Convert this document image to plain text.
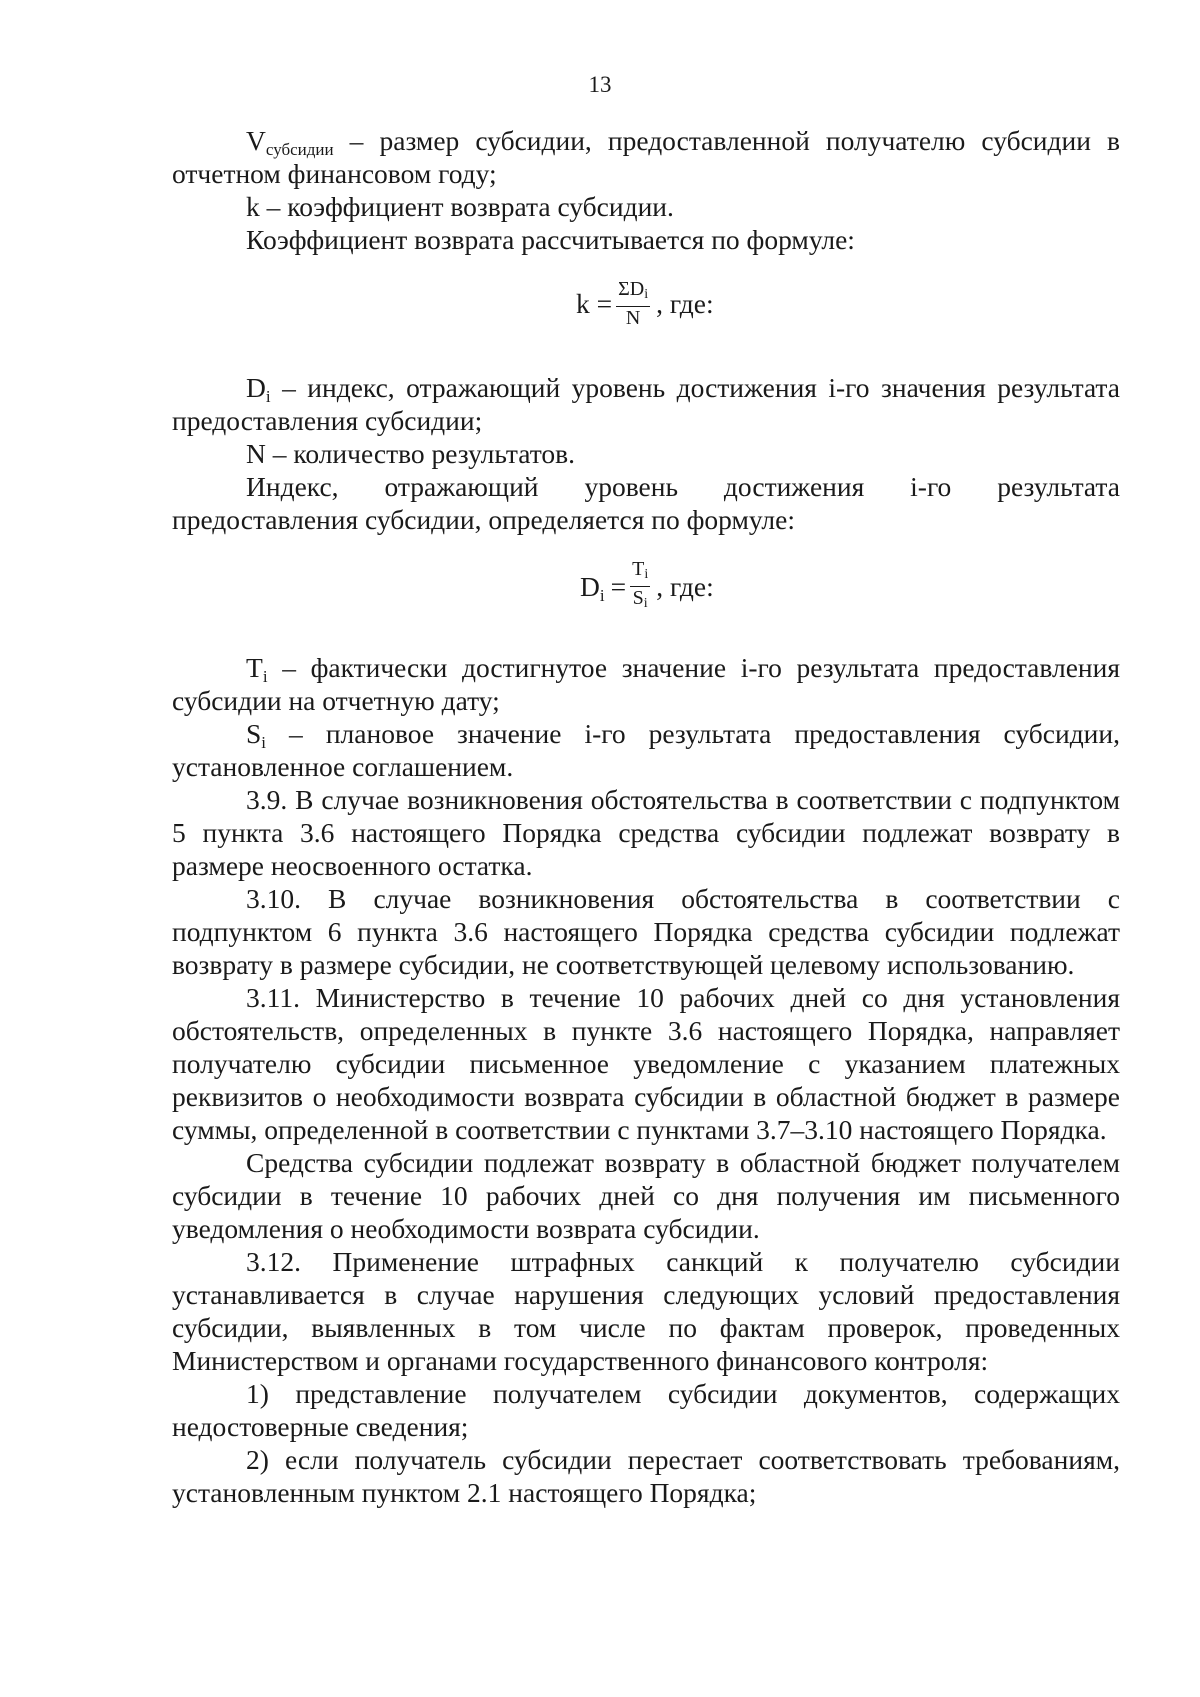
13

$V_{субсидии}$ – размер субсидии, предоставленной получателю субсидии в отчетном финансовом году;

k – коэффициент возврата субсидии.

Коэффициент возврата рассчитывается по формуле:

$k = \frac{\text{ΣDi}}{N}$ , где:

$D_i$ – индекс, отражающий уровень достижения i-го значения результата предоставления субсидии;

N – количество результатов.

Индекс, отражающий уровень достижения i-го результата

предоставления субсидии, определяется по формуле:

$D_i = \frac{Ti}{Si}$ , где:

$T_i$ – фактически достигнутое значение i-го результата предоставления субсидии на отчетную дату;

$S_i$ – плановое значение i-го результата предоставления субсидии, установленное соглашением.

3.9. В случае возникновения обстоятельства в соответствии с подпунктом 5 пункта 3.6 настоящего Порядка средства субсидии подлежат возврату в размере неосвоенного остатка.

3.10. В случае возникновения обстоятельства в соответствии с подпунктом 6 пункта 3.6 настоящего Порядка средства субсидии подлежат возврату в размере субсидии, не соответствующей целевому использованию.

3.11. Министерство в течение 10 рабочих дней со дня установления обстоятельств, определенных в пункте 3.6 настоящего Порядка, направляет получателю субсидии письменное уведомление с указанием платежных реквизитов о необходимости возврата субсидии в областной бюджет в размере суммы, определенной в соответствии с пунктами 3.7–3.10 настоящего Порядка.

Средства субсидии подлежат возврату в областной бюджет получателем субсидии в течение 10 рабочих дней со дня получения им письменного уведомления о необходимости возврата субсидии.

3.12. Применение штрафных санкций к получателю субсидии устанавливается в случае нарушения следующих условий предоставления субсидии, выявленных в том числе по фактам проверок, проведенных Министерством и органами государственного финансового контроля:

1) представление получателем субсидии документов, содержащих недостоверные сведения;

2) если получатель субсидии перестает соответствовать требованиям, установленным пунктом 2.1 настоящего Порядка;
